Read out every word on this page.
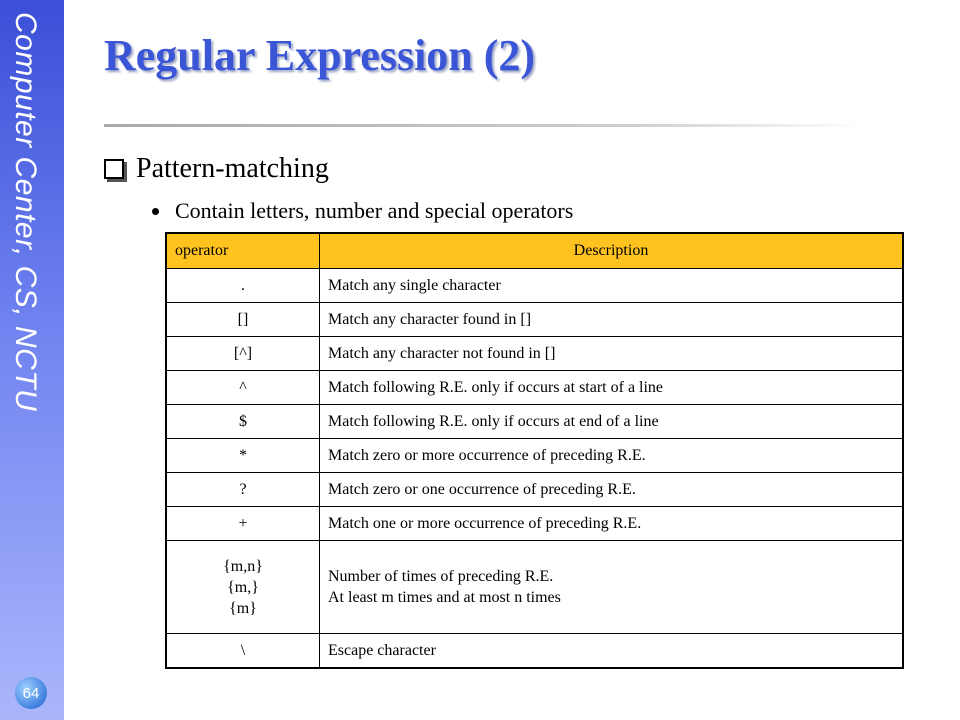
Computer Center, CS, NCTU
64
Regular Expression (2)
Pattern-matching
Contain letters, number and special operators
operator	Description
.	Match any single character
[]	Match any character found in []
[^]	Match any character not found in []
^	Match following R.E. only if occurs at start of a line
$	Match following R.E. only if occurs at end of a line
*	Match zero or more occurrence of preceding R.E.
?	Match zero or one occurrence of preceding R.E.
+	Match one or more occurrence of preceding R.E.

{m,n}
{m,}
{m}	Number of times of preceding R.E.
At least m times and at most n times

\	Escape character
